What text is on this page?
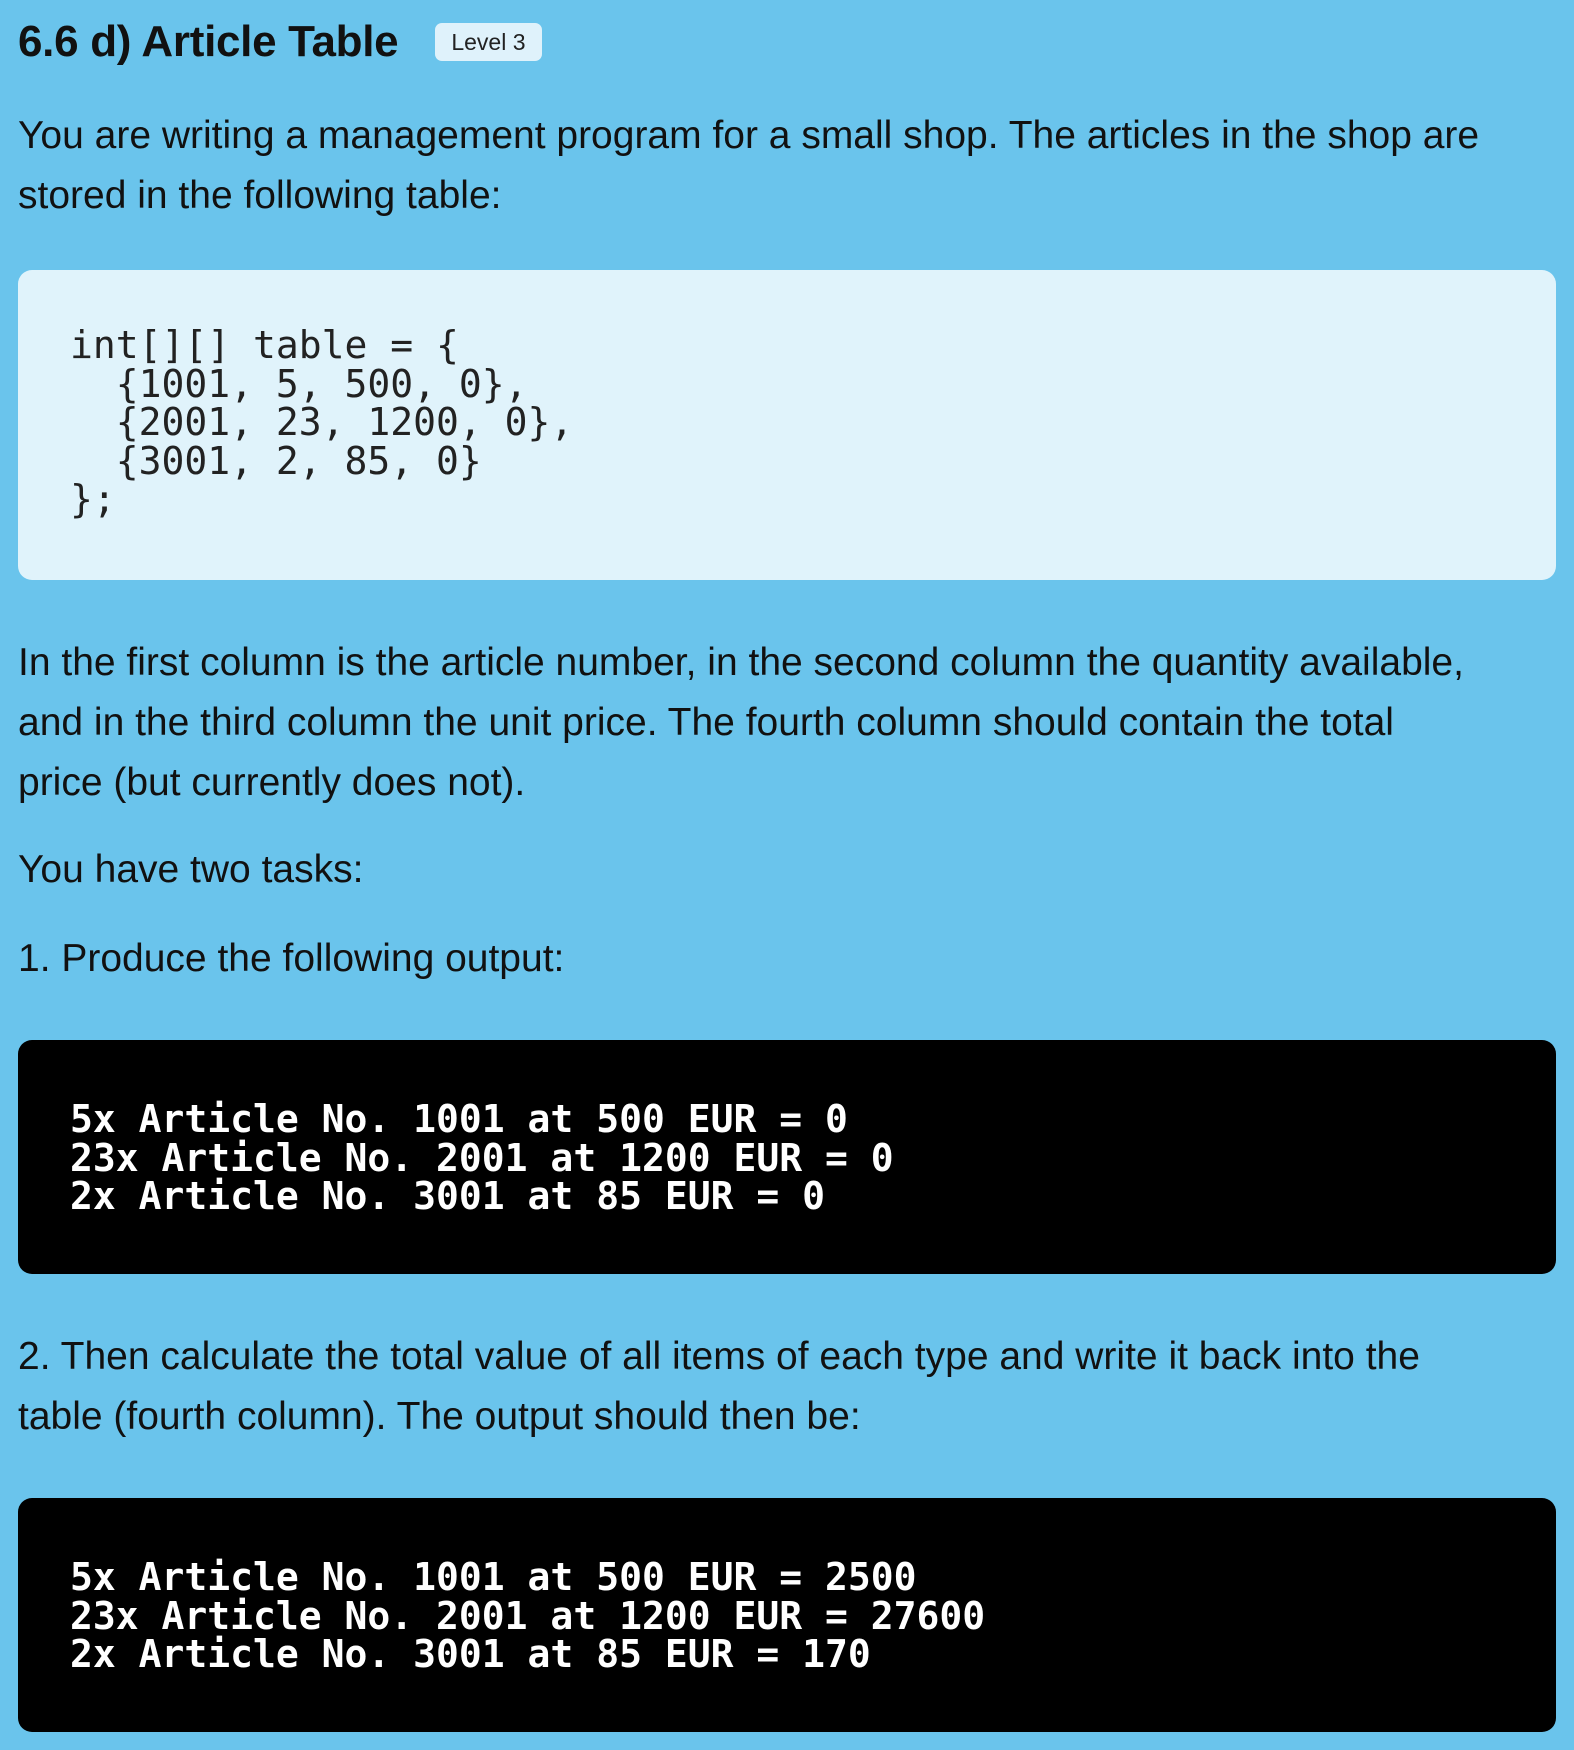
6.6 d) Article Table	Level 3

You are writing a management program for a small shop. The articles in the shop are

stored in the following table:

int[][] table = {
{1001, 5, 500, 0},
{2001, 23, 1200, 0},
{3001, 2, 85, 0}
};

In the first column is the article number, in the second column the quantity available,

and in the third column the unit price. The fourth column should contain the total

price (but currently does not).

You have two tasks:

1. Produce the following output:

5x Article No. 1001 at 500 EUR = 0
23x Article No. 2001 at 1200 EUR = 0
2x Article No. 3001 at 85 EUR = 0

2. Then calculate the total value of all items of each type and write it back into the

table (fourth column). The output should then be:

5x Article No. 1001 at 500 EUR = 2500
23x Article No. 2001 at 1200 EUR = 27600
2x Article No. 3001 at 85 EUR = 170
